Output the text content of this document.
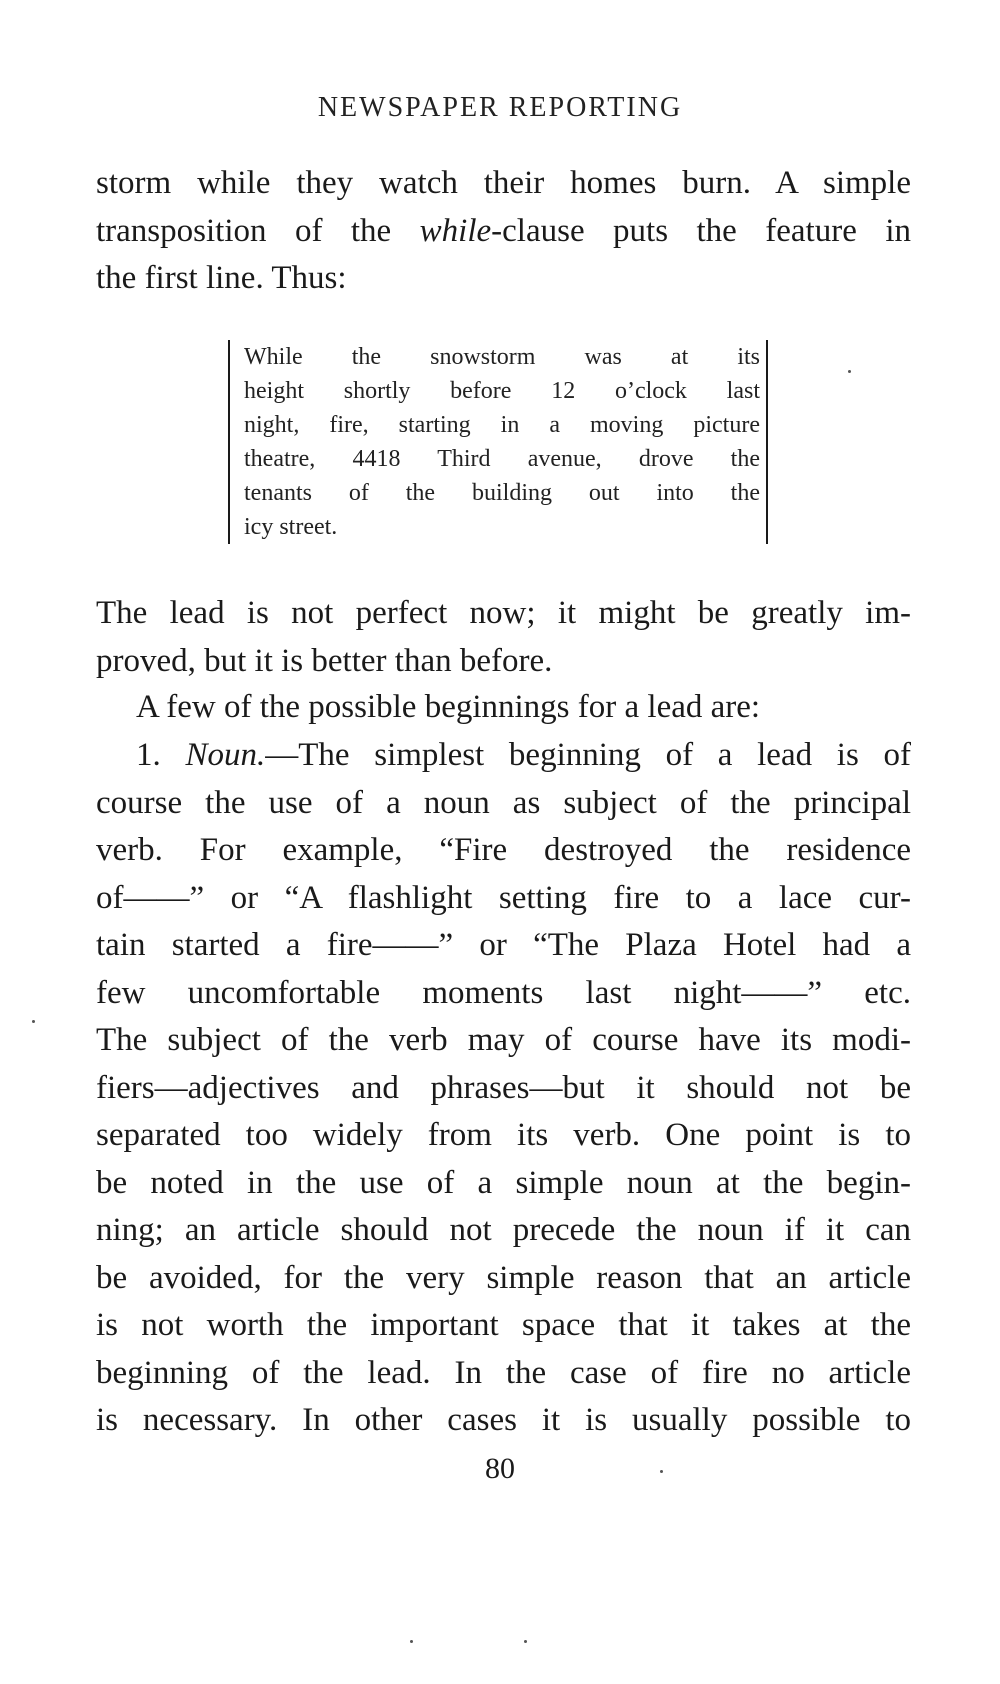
NEWSPAPER REPORTING
storm while they watch their homes burn. A simple
transposition of the while-clause puts the feature in
the first line. Thus:
While the snowstorm was at its
height shortly before 12 o’clock last
night, fire, starting in a moving picture
theatre, 4418 Third avenue, drove the
tenants of the building out into the
icy street.
The lead is not perfect now; it might be greatly im-
proved, but it is better than before.
A few of the possible beginnings for a lead are:
1. Noun.—The simplest beginning of a lead is of
course the use of a noun as subject of the principal
verb. For example, “Fire destroyed the residence
of——” or “A flashlight setting fire to a lace cur-
tain started a fire——” or “The Plaza Hotel had a
few uncomfortable moments last night——” etc.
The subject of the verb may of course have its modi-
fiers—adjectives and phrases—but it should not be
separated too widely from its verb. One point is to
be noted in the use of a simple noun at the begin-
ning; an article should not precede the noun if it can
be avoided, for the very simple reason that an article
is not worth the important space that it takes at the
beginning of the lead. In the case of fire no article
is necessary. In other cases it is usually possible to
80
